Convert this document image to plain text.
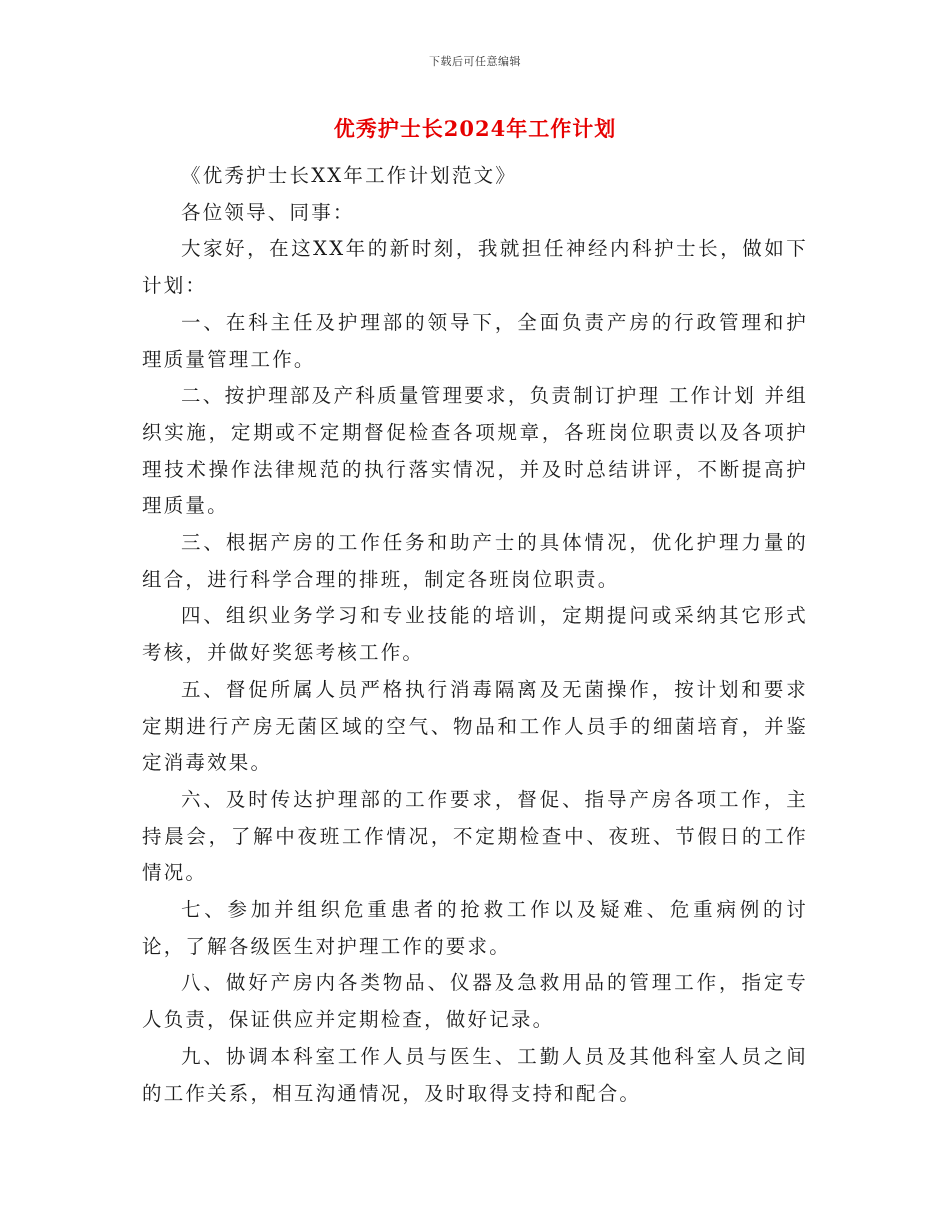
下载后可任意编辑
优秀护士长2024年工作计划

《优秀护士长XX年工作计划范文》

各位领导、同事：

大家好，在这XX年的新时刻，我就担任神经内科护士长，做如下计划：

一、在科主任及护理部的领导下，全面负责产房的行政管理和护理质量管理工作。

二、按护理部及产科质量管理要求，负责制订护理 工作计划 并组织实施，定期或不定期督促检查各项规章，各班岗位职责以及各项护理技术操作法律规范的执行落实情况，并及时总结讲评，不断提高护理质量。

三、根据产房的工作任务和助产士的具体情况，优化护理力量的组合，进行科学合理的排班，制定各班岗位职责。

四、组织业务学习和专业技能的培训，定期提问或采纳其它形式考核，并做好奖惩考核工作。

五、督促所属人员严格执行消毒隔离及无菌操作，按计划和要求定期进行产房无菌区域的空气、物品和工作人员手的细菌培育，并鉴定消毒效果。

六、及时传达护理部的工作要求，督促、指导产房各项工作，主持晨会，了解中夜班工作情况，不定期检查中、夜班、节假日的工作情况。

七、参加并组织危重患者的抢救工作以及疑难、危重病例的讨论，了解各级医生对护理工作的要求。

八、做好产房内各类物品、仪器及急救用品的管理工作，指定专人负责，保证供应并定期检查，做好记录。

九、协调本科室工作人员与医生、工勤人员及其他科室人员之间的工作关系，相互沟通情况，及时取得支持和配合。
